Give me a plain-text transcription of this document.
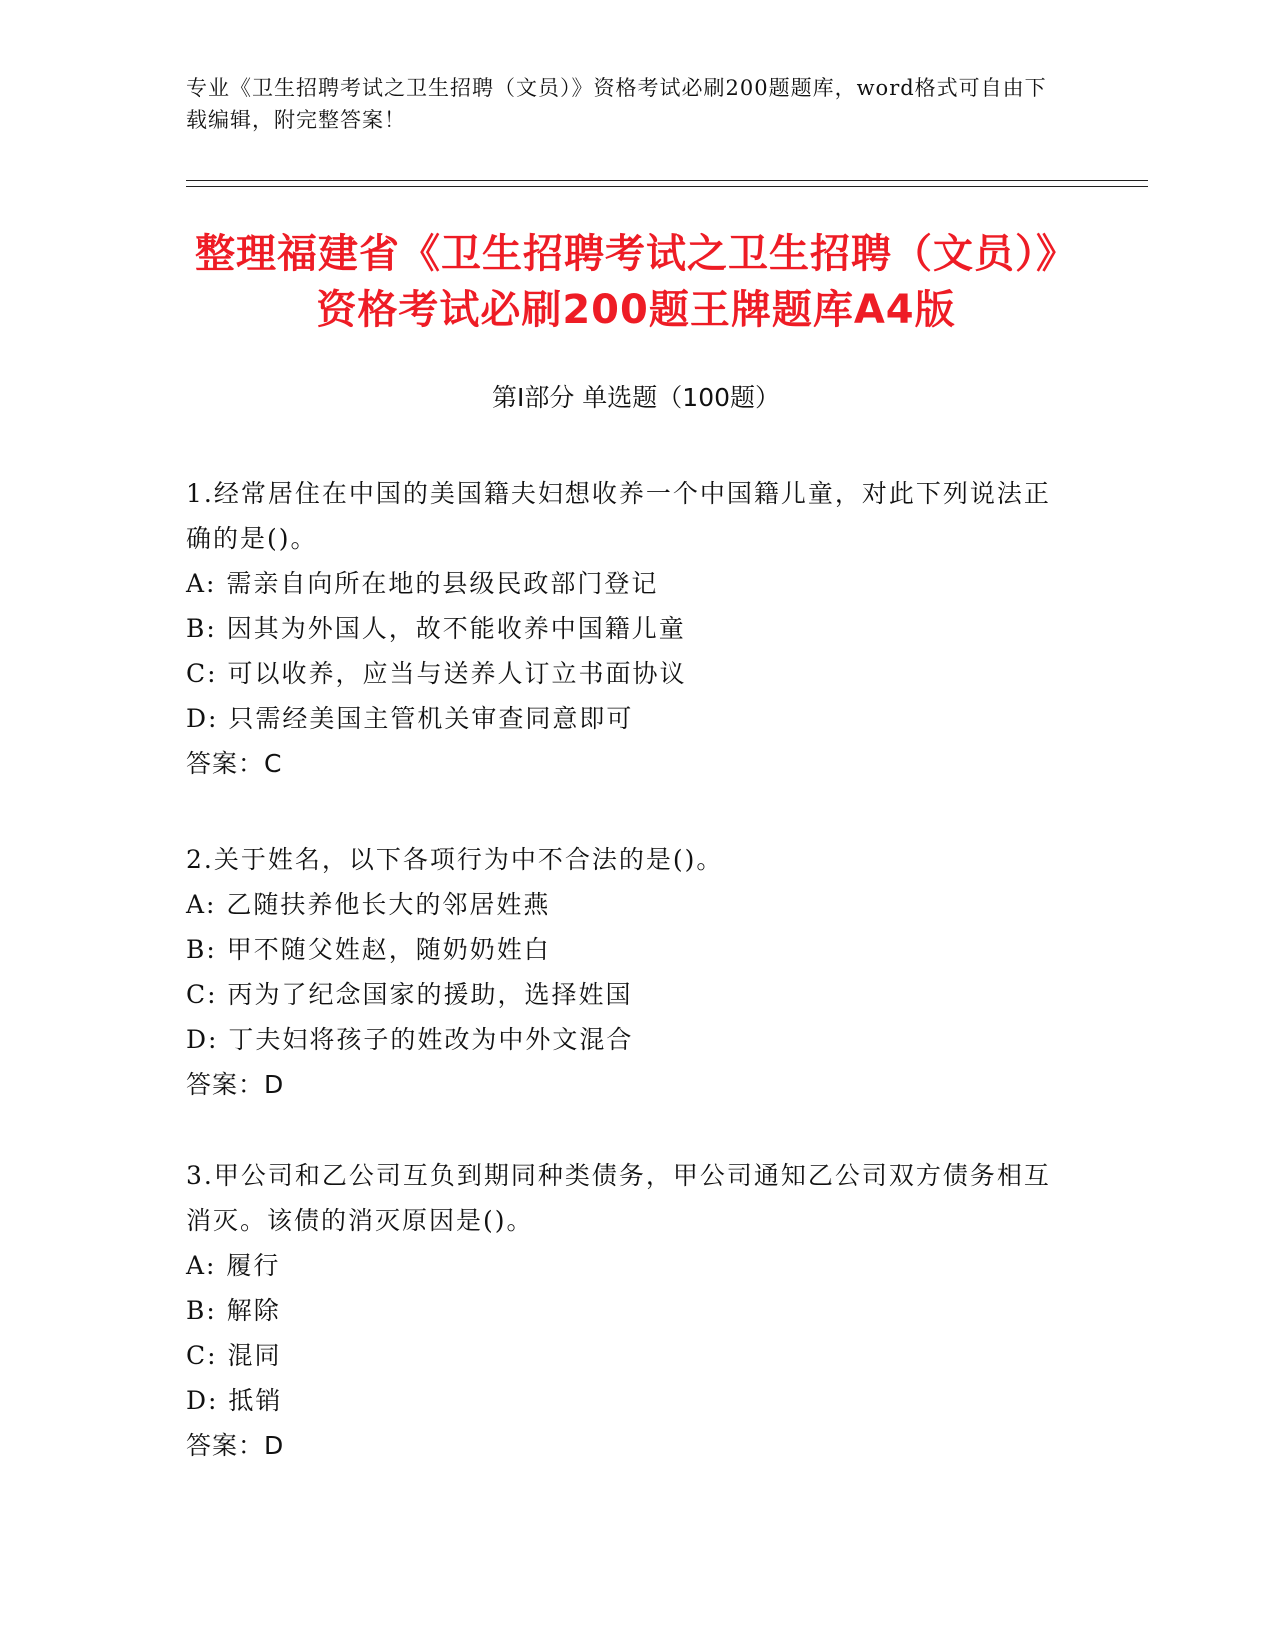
专业《卫生招聘考试之卫生招聘（文员）》资格考试必刷200题题库，word格式可自由下载编辑，附完整答案！
整理福建省《卫生招聘考试之卫生招聘（文员）》资格考试必刷200题王牌题库A4版
第Ⅰ部分 单选题（100题）
1.经常居住在中国的美国籍夫妇想收养一个中国籍儿童，对此下列说法正确的是()。
A: 需亲自向所在地的县级民政部门登记
B: 因其为外国人，故不能收养中国籍儿童
C: 可以收养，应当与送养人订立书面协议
D: 只需经美国主管机关审查同意即可
答案：C
2.关于姓名，以下各项行为中不合法的是()。
A: 乙随扶养他长大的邻居姓燕
B: 甲不随父姓赵，随奶奶姓白
C: 丙为了纪念国家的援助，选择姓国
D: 丁夫妇将孩子的姓改为中外文混合
答案：D
3.甲公司和乙公司互负到期同种类债务，甲公司通知乙公司双方债务相互消灭。该债的消灭原因是()。
A: 履行
B: 解除
C: 混同
D: 抵销
答案：D
